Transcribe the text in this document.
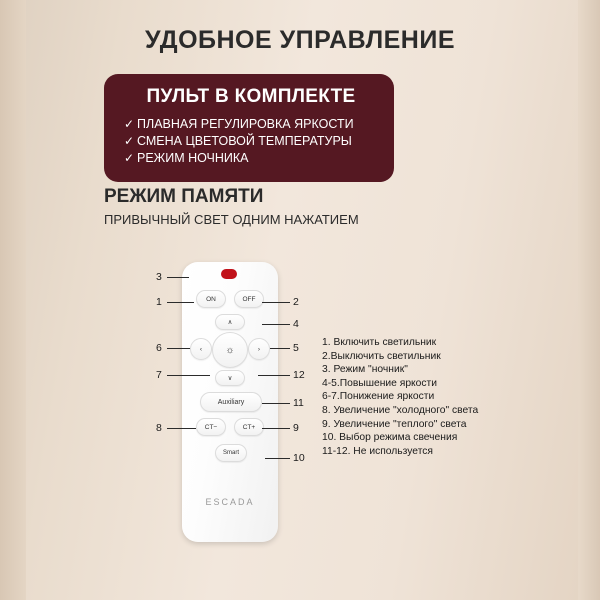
УДОБНОЕ УПРАВЛЕНИЕ
ПУЛЬТ В КОМПЛЕКТЕ
✓ ПЛАВНАЯ РЕГУЛИРОВКА ЯРКОСТИ
✓ СМЕНА ЦВЕТОВОЙ ТЕМПЕРАТУРЫ
✓ РЕЖИМ НОЧНИКА
РЕЖИМ ПАМЯТИ
ПРИВЫЧНЫЙ СВЕТ ОДНИМ НАЖАТИЕМ
ON	OFF
∧
∨
‹	›
☼
Auxiliary
CT−	CT+
Smart
ESCADA
3
1
6
7
8
2
4
5
12
11
9
10
1. Включить светильник
2.Выключить светильник
3. Режим "ночник"
4-5.Повышение яркости
6-7.Понижение яркости
8. Увеличение "холодного" света
9. Увеличение "теплого" света
10. Выбор режима свечения
11-12. Не используется
